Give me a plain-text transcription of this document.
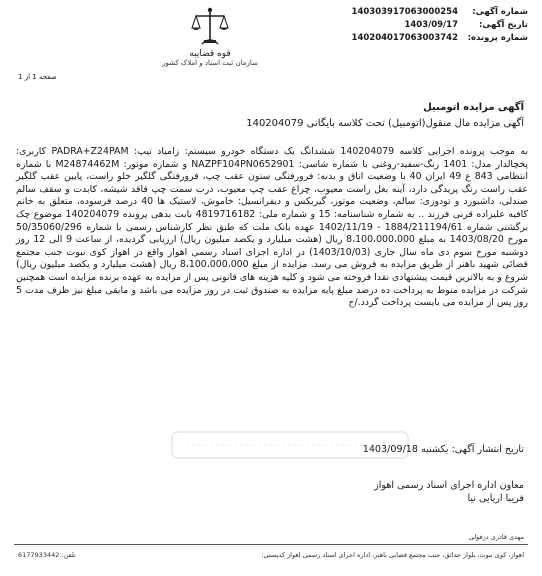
شماره آگهی:
140303917063000254
تاریخ آگهی:
1403/09/17
شماره پرونده:
140204017063003742
قوه قضاییه
سازمان ثبت اسناد و املاک کشور
صفحه 1 از 1
آگهی مزایده اتومبیل
آگهی مزایده مال منقول(اتومبیل) تحت کلاسه بایگانی 140204079
به موجب پرونده اجرایی کلاسه 140204079 ششدانگ یک دستگاه خودرو سیستم: زامیاد تیپ: PADRA+Z24PAM کاربری: پخچالدار مدل: 1401 رنگ-سفید-روغنی با شماره شاسی: NAZPF104PN0652901 و شماره موتور: M24874462M با شماره انتظامی 843 ع 49 ایران 40 با وضعیت اتاق و بدنه: فرورفتگی ستون عقب چپ، فرورفتگی گلگیر جلو راست، پایین عقب گلگیر عقب راست رنگ پریدگی دارد، آینه بغل راست معیوب، چراغ عقب چپ معیوب، درب سمت چپ فاقد شیشه، کابدت و سقف سالم صندلی، داشبورد و تودوزی: سالم، وضعیت موتور، گیربکس و دیفرانسیل: خاموش، لاستیک ها 40 درصد فرسوده، متعلق به خانم کافیه علیزاده قرنی فرزند .. به شماره شناسنامه: 15 و شماره ملی: 4819716182 بابت بدهی پرونده 140204079 موضوع چک برگشتی شماره 1884/211194/61 - 1402/11/19 عهده بانک ملت که طبق نظر کارشناس رسمی با شماره 50/35060/296 مورخ 1403/08/20 به مبلغ 8،100،000،000 ریال (هشت میلیارد و یکصد میلیون ریال) ارزیابی گردیده، از ساعت 9 الی 12 روز دوشنبه مورخ سوم دی ماه سال جاری (1403/10/03) در اداره اجرای اسناد رسمی اهواز واقع در اهواز کوی نبوت جنب مجتمع قضائی شهید باهنر از طریق مزایده به فروش می رسد. مزایده از مبلغ 8،100،000،000 ریال (هشت میلیارد و یکصد میلیون ریال) شروع و به بالاترین قیمت پیشنهادی نقدا فروخته می شود و کلیه هزینه های قانونی پس از مزایده به عهده برنده مزایده است همچنین شرکت در مزایده منوط به پرداخت ده درصد مبلغ پایه مزایده به صندوق ثبت در روز مزایده می باشد و مابقی مبلغ نیز ظرف مدت 5 روز پس از مزایده می بایست پرداخت گردد./ح
تاریخ انتشار آگهی: یکشنبه 1403/09/18
معاون اداره اجرای اسناد رسمی اهواز
فریبا اریایی نیا
مهدی قادری دزفولی
اهواز، کوی نبوت، بلوار حدائق، جنب مجتمع قضایی باهنر، اداره اجرای اسناد رسمی اهواز کدپستی:
تلفن: 6177933442
